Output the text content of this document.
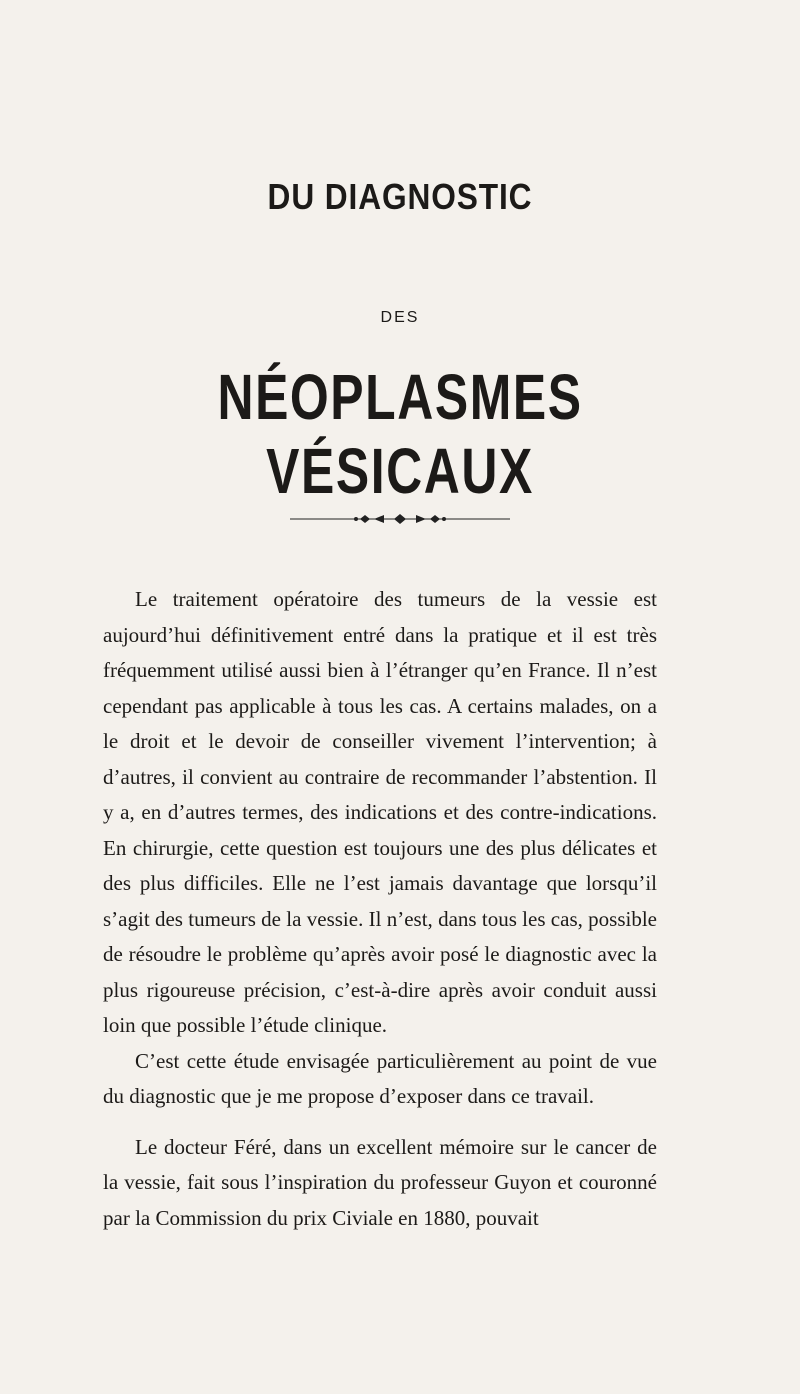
DU DIAGNOSTIC
DES
NÉOPLASMES VÉSICAUX

Le traitement opératoire des tumeurs de la vessie est aujourd’hui définitivement entré dans la pratique et il est très fréquemment utilisé aussi bien à l’étranger qu’en France. Il n’est cependant pas applicable à tous les cas. A certains malades, on a le droit et le devoir de conseiller vivement l’intervention; à d’autres, il convient au contraire de recommander l’abstention. Il y a, en d’autres termes, des indications et des contre-indications. En chirurgie, cette question est toujours une des plus délicates et des plus difficiles. Elle ne l’est jamais davantage que lorsqu’il s’agit des tumeurs de la vessie. Il n’est, dans tous les cas, possible de résoudre le problème qu’après avoir posé le diagnostic avec la plus rigoureuse précision, c’est-à-dire après avoir conduit aussi loin que possible l’étude clinique.

C’est cette étude envisagée particulièrement au point de vue du diagnostic que je me propose d’exposer dans ce travail.

Le docteur Féré, dans un excellent mémoire sur le cancer de la vessie, fait sous l’inspiration du professeur Guyon et couronné par la Commission du prix Civiale en 1880, pouvait
